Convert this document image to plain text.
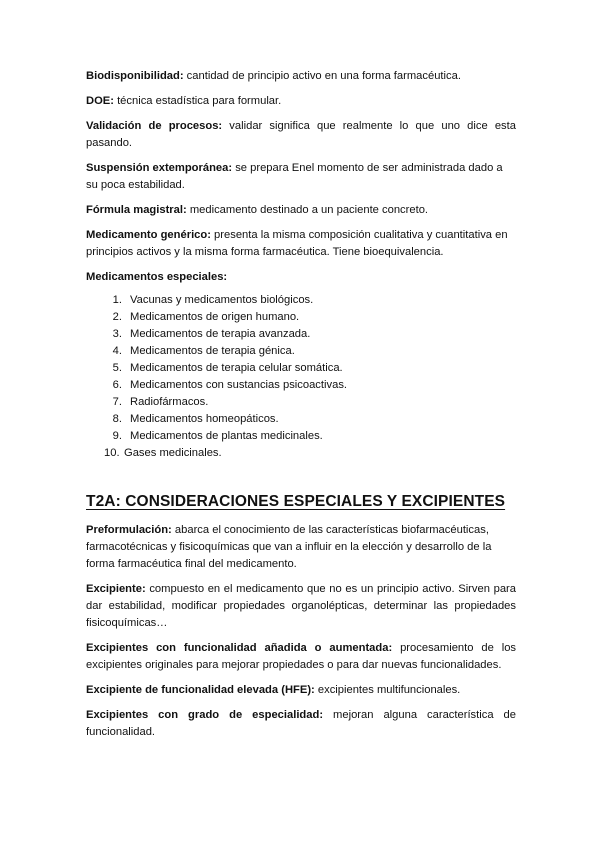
Biodisponibilidad: cantidad de principio activo en una forma farmacéutica.

DOE: técnica estadística para formular.

Validación de procesos: validar significa que realmente lo que uno dice esta pasando.

Suspensión extemporánea: se prepara Enel momento de ser administrada dado a su poca estabilidad.

Fórmula magistral: medicamento destinado a un paciente concreto.

Medicamento genérico: presenta la misma composición cualitativa y cuantitativa en principios activos y la misma forma farmacéutica. Tiene bioequivalencia.

Medicamentos especiales:

1. Vacunas y medicamentos biológicos.
2. Medicamentos de origen humano.
3. Medicamentos de terapia avanzada.
4. Medicamentos de terapia génica.
5. Medicamentos de terapia celular somática.
6. Medicamentos con sustancias psicoactivas.
7. Radiofármacos.
8. Medicamentos homeopáticos.
9. Medicamentos de plantas medicinales.
10. Gases medicinales.
T2A: CONSIDERACIONES ESPECIALES Y EXCIPIENTES

Preformulación: abarca el conocimiento de las características biofarmacéuticas, farmacotécnicas y fisicoquímicas que van a influir en la elección y desarrollo de la forma farmacéutica final del medicamento.

Excipiente: compuesto en el medicamento que no es un principio activo. Sirven para dar estabilidad, modificar propiedades organolépticas, determinar las propiedades fisicoquímicas…

Excipientes con funcionalidad añadida o aumentada: procesamiento de los excipientes originales para mejorar propiedades o para dar nuevas funcionalidades.

Excipiente de funcionalidad elevada (HFE): excipientes multifuncionales.

Excipientes con grado de especialidad: mejoran alguna característica de funcionalidad.
